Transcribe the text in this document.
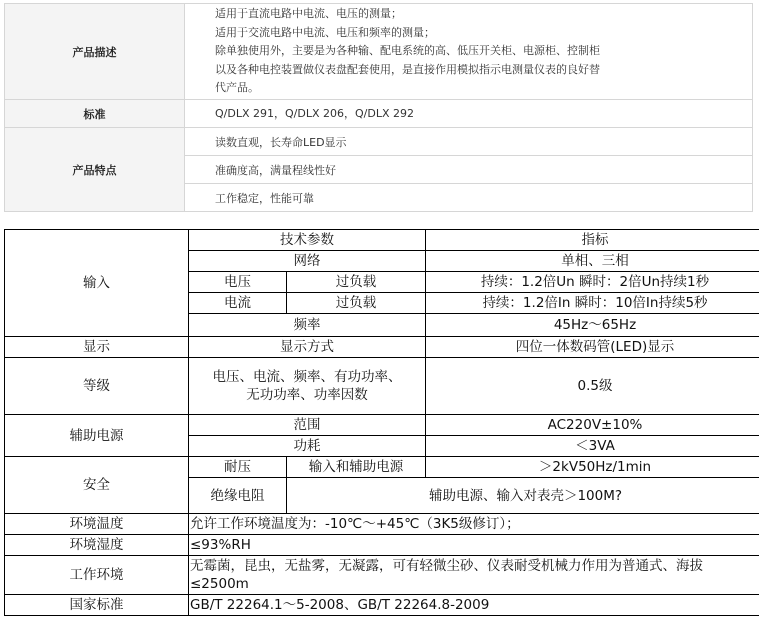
产品描述	适用于直流电路中电流、电压的测量；
适用于交流电路中电流、电压和频率的测量；
除单独使用外，主要是为各种输、配电系统的高、低压开关柜、电源柜、控制柜
以及各种电控装置做仪表盘配套使用，是直接作用模拟指示电测量仪表的良好替
代产品。

标准	Q/DLX 291，Q/DLX 206，Q/DLX 292
产品特点	读数直观，长寿命LED显示
准确度高，满量程线性好
工作稳定，性能可靠
输入	技术参数		指标
	网络		单相、三相
	电压	过负载	持续：1.2倍Un 瞬时：2倍Un持续1秒
	电流	过负载	持续：1.2倍In 瞬时：10倍In持续5秒
	频率		45Hz～65Hz
显示	显示方式		四位一体数码管(LED)显示
等级	电压、电流、频率、有功功率、
无功功率、功率因数		0.5级
辅助电源	范围		AC220V±10%
	功耗		＜3VA
安全	耐压	输入和辅助电源	＞2kV50Hz/1min
	绝缘电阻	辅助电源、输入对表壳＞100M?	
环境温度	允许工作环境温度为：-10℃～+45℃（3K5级修订）；		
环境湿度	≤93%RH		
工作环境	无霉菌，昆虫，无盐雾，无凝露，可有轻微尘砂、仪表耐受机械力作用为普通式、海拔
≤2500m		

国家标准	GB/T 22264.1～5-2008、GB/T 22264.8-2009		
